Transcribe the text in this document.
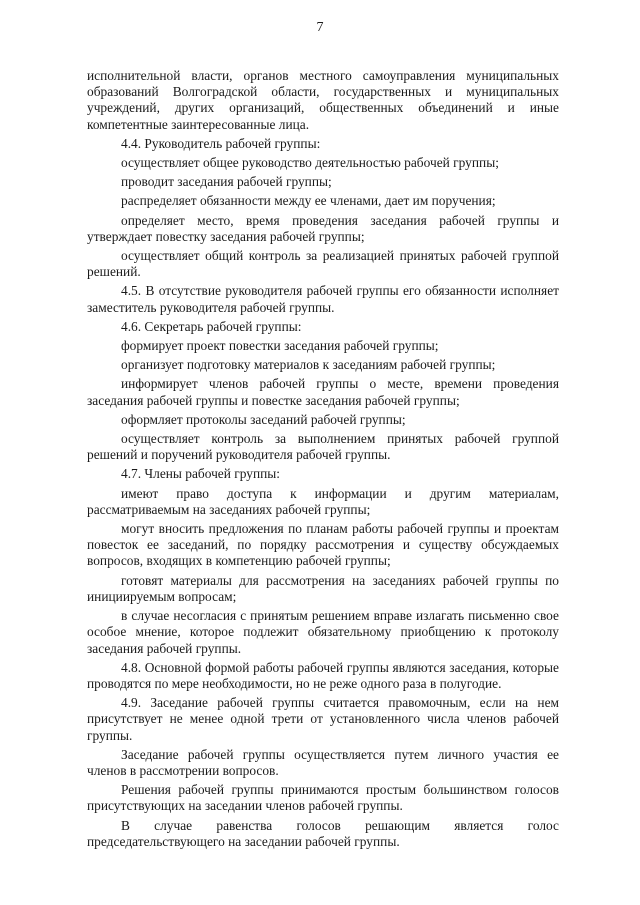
7

исполнительной власти, органов местного самоуправления муниципальных образований Волгоградской области, государственных и муниципальных учреждений, других организаций, общественных объединений и иные компетентные заинтересованные лица.

4.4. Руководитель рабочей группы:

осуществляет общее руководство деятельностью рабочей группы;

проводит заседания рабочей группы;

распределяет обязанности между ее членами, дает им поручения;

определяет место, время проведения заседания рабочей группы и утверждает повестку заседания рабочей группы;

осуществляет общий контроль за реализацией принятых рабочей группой решений.

4.5. В отсутствие руководителя рабочей группы его обязанности исполняет заместитель руководителя рабочей группы.

4.6. Секретарь рабочей группы:

формирует проект повестки заседания рабочей группы;

организует подготовку материалов к заседаниям рабочей группы;

информирует членов рабочей группы о месте, времени проведения заседания рабочей группы и повестке заседания рабочей группы;

оформляет протоколы заседаний рабочей группы;

осуществляет контроль за выполнением принятых рабочей группой решений и поручений руководителя рабочей группы.

4.7. Члены рабочей группы:

имеют право доступа к информации и другим материалам, рассматриваемым на заседаниях рабочей группы;

могут вносить предложения по планам работы рабочей группы и проектам повесток ее заседаний, по порядку рассмотрения и существу обсуждаемых вопросов, входящих в компетенцию рабочей группы;

готовят материалы для рассмотрения на заседаниях рабочей группы по инициируемым вопросам;

в случае несогласия с принятым решением вправе излагать письменно свое особое мнение, которое подлежит обязательному приобщению к протоколу заседания рабочей группы.

4.8. Основной формой работы рабочей группы являются заседания, которые проводятся по мере необходимости, но не реже одного раза в полугодие.

4.9. Заседание рабочей группы считается правомочным, если на нем присутствует не менее одной трети от установленного числа членов рабочей группы.

Заседание рабочей группы осуществляется путем личного участия ее членов в рассмотрении вопросов.

Решения рабочей группы принимаются простым большинством голосов присутствующих на заседании членов рабочей группы.

В случае равенства голосов решающим является голос председательствующего на заседании рабочей группы.
